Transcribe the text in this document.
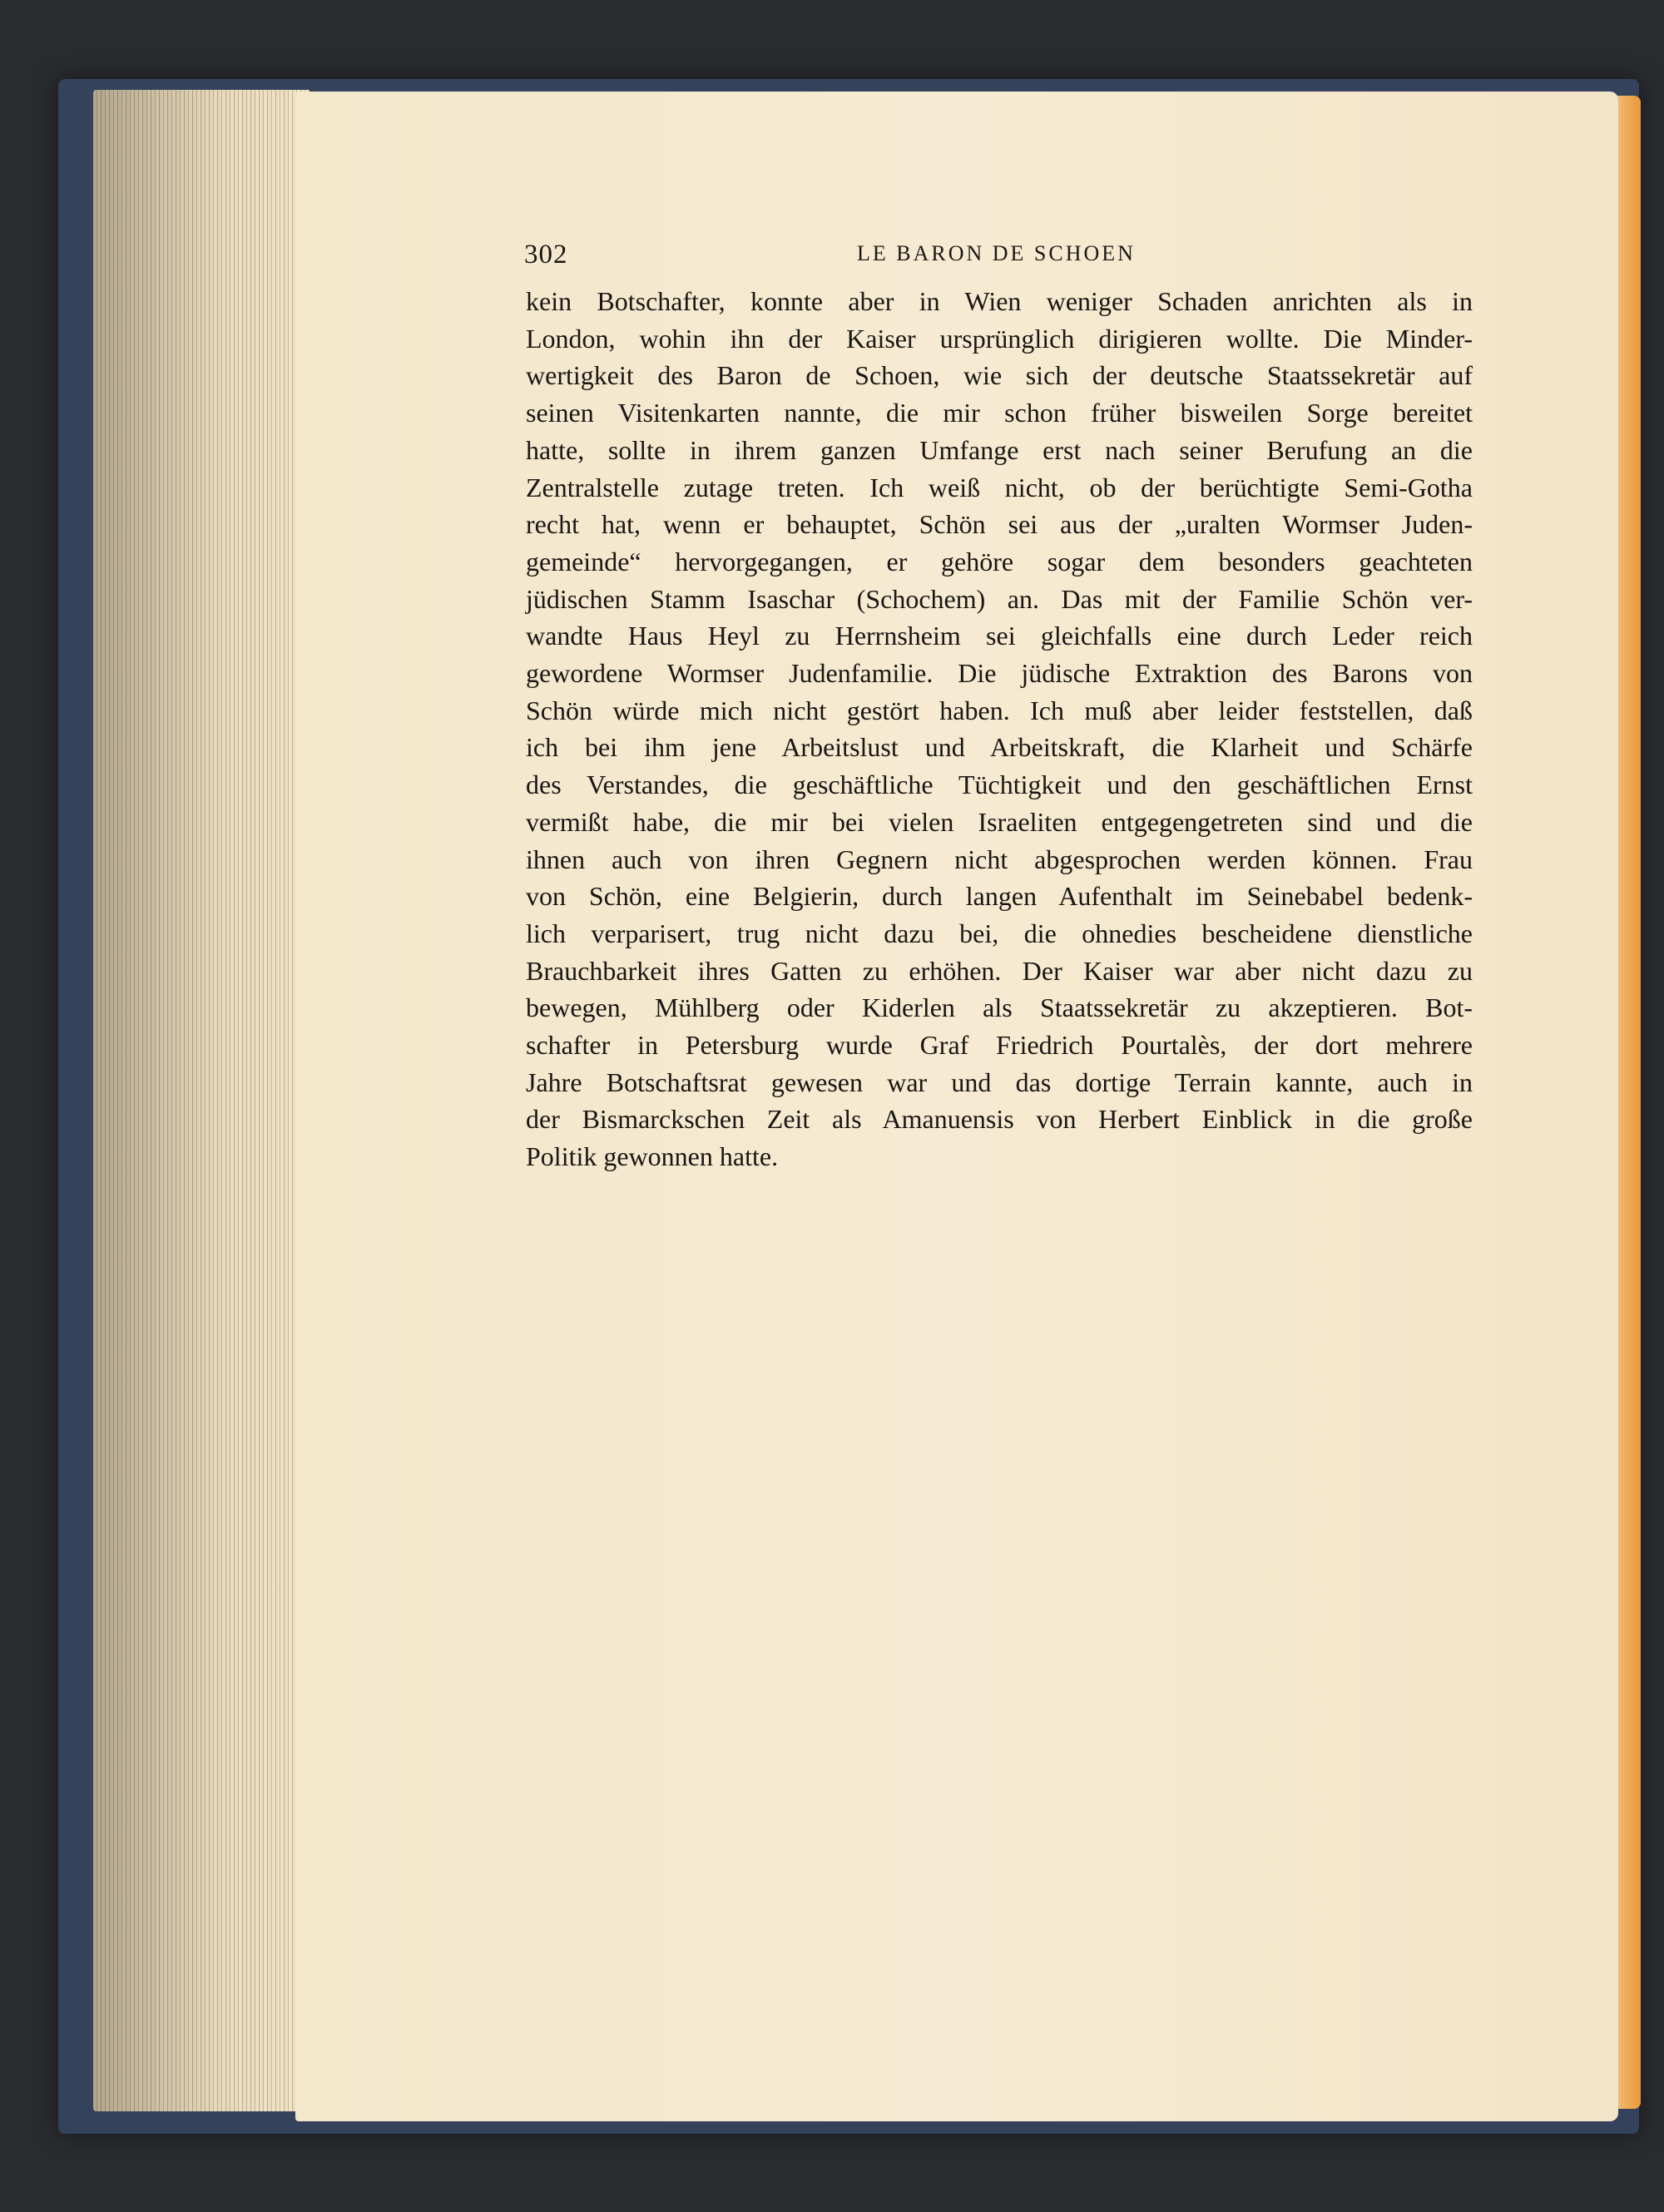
302	LE BARON DE SCHOEN
kein Botschafter, konnte aber in Wien weniger Schaden anrichten als in
London, wohin ihn der Kaiser ursprünglich dirigieren wollte. Die Minder-
wertigkeit des Baron de Schoen, wie sich der deutsche Staatssekretär auf
seinen Visitenkarten nannte, die mir schon früher bisweilen Sorge bereitet
hatte, sollte in ihrem ganzen Umfange erst nach seiner Berufung an die
Zentralstelle zutage treten. Ich weiß nicht, ob der berüchtigte Semi-Gotha
recht hat, wenn er behauptet, Schön sei aus der „uralten Wormser Juden-
gemeinde“ hervorgegangen, er gehöre sogar dem besonders geachteten
jüdischen Stamm Isaschar (Schochem) an. Das mit der Familie Schön ver-
wandte Haus Heyl zu Herrnsheim sei gleichfalls eine durch Leder reich
gewordene Wormser Judenfamilie. Die jüdische Extraktion des Barons von
Schön würde mich nicht gestört haben. Ich muß aber leider feststellen, daß
ich bei ihm jene Arbeitslust und Arbeitskraft, die Klarheit und Schärfe
des Verstandes, die geschäftliche Tüchtigkeit und den geschäftlichen Ernst
vermißt habe, die mir bei vielen Israeliten entgegengetreten sind und die
ihnen auch von ihren Gegnern nicht abgesprochen werden können. Frau
von Schön, eine Belgierin, durch langen Aufenthalt im Seinebabel bedenk-
lich verparisert, trug nicht dazu bei, die ohnedies bescheidene dienstliche
Brauchbarkeit ihres Gatten zu erhöhen. Der Kaiser war aber nicht dazu zu
bewegen, Mühlberg oder Kiderlen als Staatssekretär zu akzeptieren. Bot-
schafter in Petersburg wurde Graf Friedrich Pourtalès, der dort mehrere
Jahre Botschaftsrat gewesen war und das dortige Terrain kannte, auch in
der Bismarckschen Zeit als Amanuensis von Herbert Einblick in die große
Politik gewonnen hatte.
